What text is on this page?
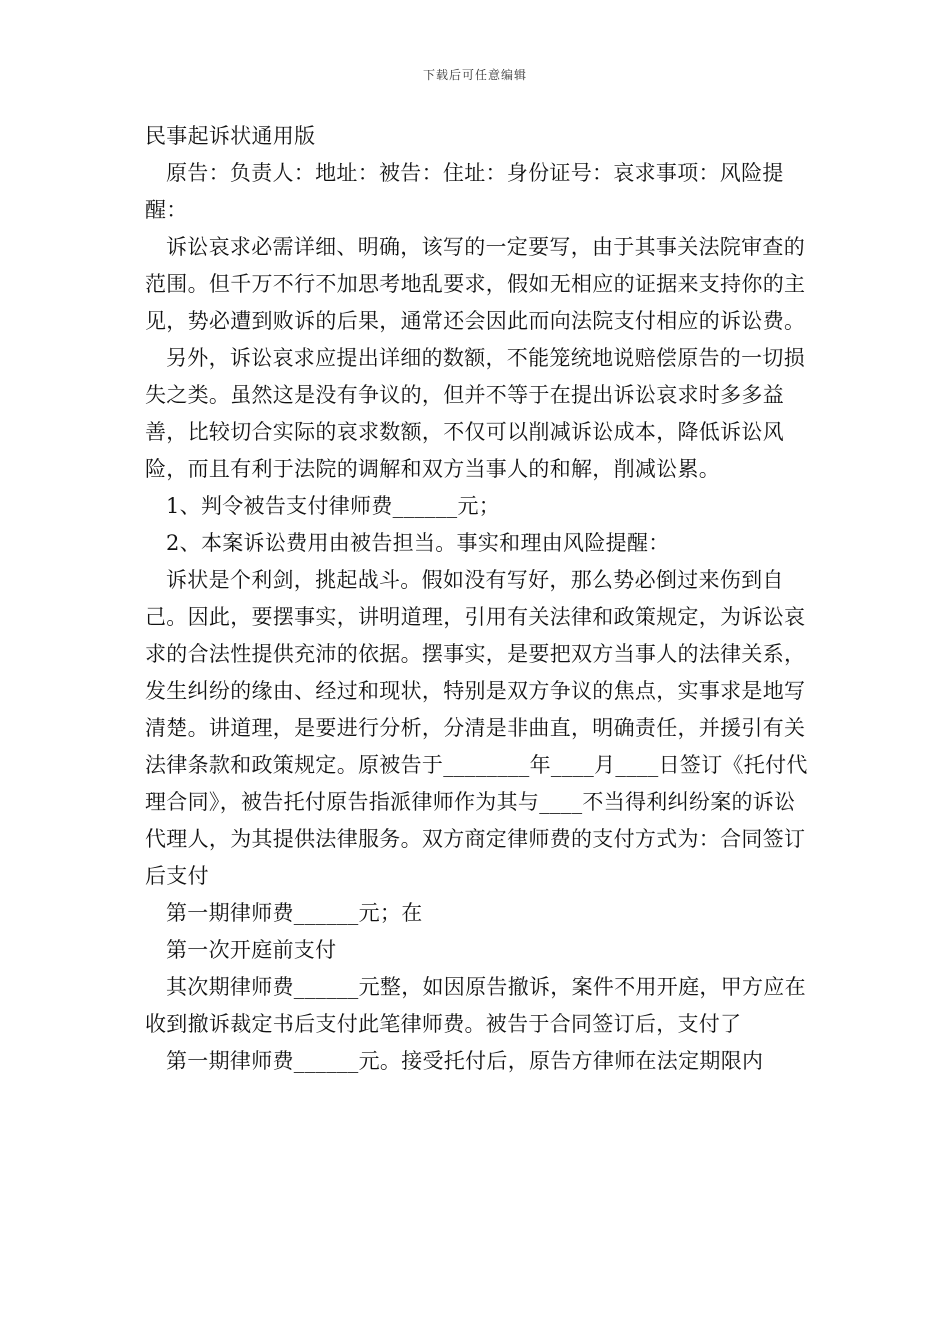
下载后可任意编辑

民事起诉状通用版

原告：负责人：地址：被告：住址：身份证号：哀求事项：风险提醒：

诉讼哀求必需详细、明确，该写的一定要写，由于其事关法院审查的范围。但千万不行不加思考地乱要求，假如无相应的证据来支持你的主见，势必遭到败诉的后果，通常还会因此而向法院支付相应的诉讼费。

另外，诉讼哀求应提出详细的数额，不能笼统地说赔偿原告的一切损失之类。虽然这是没有争议的，但并不等于在提出诉讼哀求时多多益善，比较切合实际的哀求数额，不仅可以削减诉讼成本，降低诉讼风险，而且有利于法院的调解和双方当事人的和解，削减讼累。

1、判令被告支付律师费______元；

2、本案诉讼费用由被告担当。事实和理由风险提醒：

诉状是个利剑，挑起战斗。假如没有写好，那么势必倒过来伤到自己。因此，要摆事实，讲明道理，引用有关法律和政策规定，为诉讼哀求的合法性提供充沛的依据。摆事实，是要把双方当事人的法律关系，发生纠纷的缘由、经过和现状，特别是双方争议的焦点，实事求是地写清楚。讲道理，是要进行分析，分清是非曲直，明确责任，并援引有关法律条款和政策规定。原被告于________年____月____日签订《托付代理合同》，被告托付原告指派律师作为其与____不当得利纠纷案的诉讼代理人，为其提供法律服务。双方商定律师费的支付方式为：合同签订后支付

第一期律师费______元；在

第一次开庭前支付

其次期律师费______元整，如因原告撤诉，案件不用开庭，甲方应在收到撤诉裁定书后支付此笔律师费。被告于合同签订后，支付了

第一期律师费______元。接受托付后，原告方律师在法定期限内
